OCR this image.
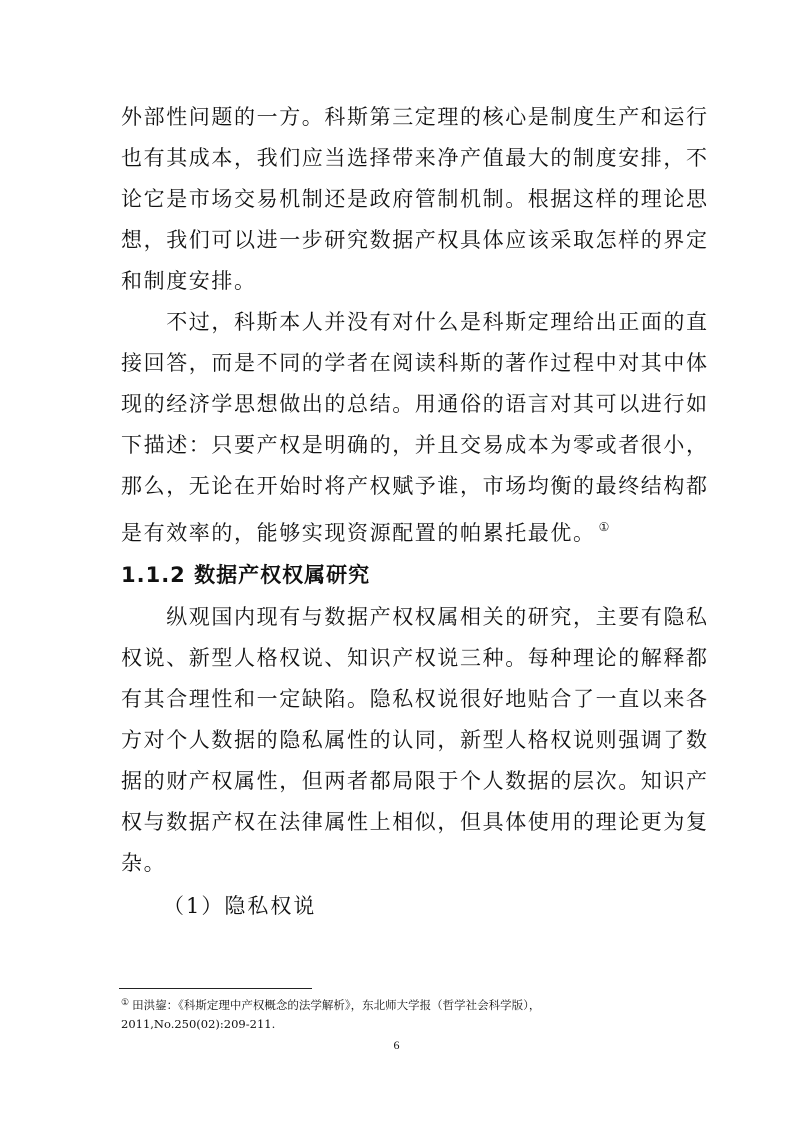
外部性问题的一方。科斯第三定理的核心是制度生产和运行
也有其成本，我们应当选择带来净产值最大的制度安排，不
论它是市场交易机制还是政府管制机制。根据这样的理论思
想，我们可以进一步研究数据产权具体应该采取怎样的界定
和制度安排。
　　不过，科斯本人并没有对什么是科斯定理给出正面的直
接回答，而是不同的学者在阅读科斯的著作过程中对其中体
现的经济学思想做出的总结。用通俗的语言对其可以进行如
下描述：只要产权是明确的，并且交易成本为零或者很小，
那么，无论在开始时将产权赋予谁，市场均衡的最终结构都
是有效率的，能够实现资源配置的帕累托最优。 ①
1.1.2 数据产权权属研究
　　纵观国内现有与数据产权权属相关的研究，主要有隐私
权说、新型人格权说、知识产权说三种。每种理论的解释都
有其合理性和一定缺陷。隐私权说很好地贴合了一直以来各
方对个人数据的隐私属性的认同，新型人格权说则强调了数
据的财产权属性，但两者都局限于个人数据的层次。知识产
权与数据产权在法律属性上相似，但具体使用的理论更为复
杂。
（1）隐私权说
① 田洪鋆：《科斯定理中产权概念的法学解析》，东北师大学报（哲学社会科学版），
2011,No.250(02):209-211.
6
